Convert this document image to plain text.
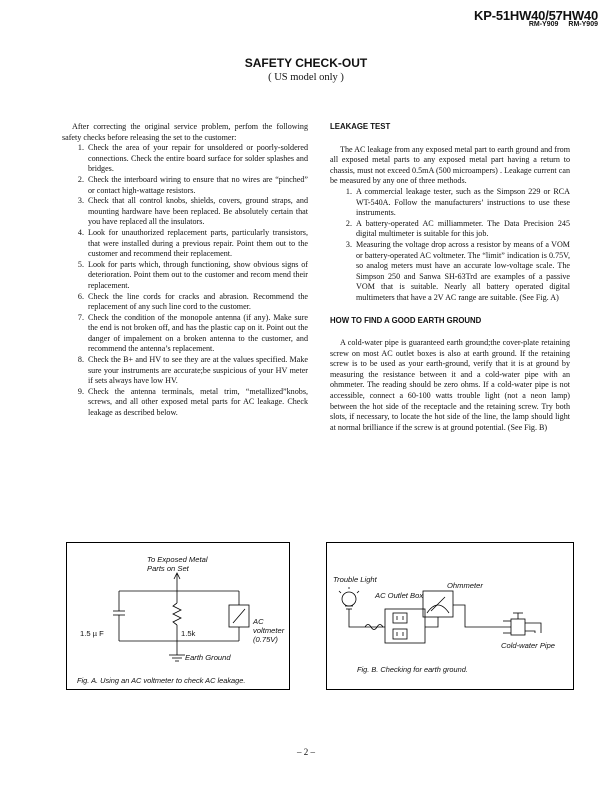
KP-51HW40/57HW40
RM-Y909 RM-Y909
SAFETY CHECK-OUT
( US model only )

After correcting the original service problem, perfom the following safety checks before releasing the set to the customer:

1. Check the area of your repair for unsoldered or poorly-soldered connections. Check the entire board surface for solder splashes and bridges.
2. Check the interboard wiring to ensure that no wires are “pinched” or contact high-wattage resistors.
3. Check that all control knobs, shields, covers, ground straps, and mounting hardware have been replaced. Be absolutely certain that you have replaced all the insulators.
4. Look for unauthorized replacement parts, particularly transistors, that were installed during a previous repair. Point them out to the customer and recommend their replacement.
5. Look for parts which, through functioning, show obvious signs of deterioration. Point them out to the customer and recom mend their replacement.
6. Check the line cords for cracks and abrasion. Recommend the replacement of any such line cord to the customer.
7. Check the condition of the monopole antenna (if any). Make sure the end is not broken off, and has the plastic cap on it. Point out the danger of impalement on a broken antenna to the customer, and recommend the antenna’s replacement.
8. Check the B+ and HV to see they are at the values specified. Make sure your instruments are accurate;be suspicious of your HV meter if sets always have low HV.
9. Check the antenna terminals, metal trim, “metallized”knobs, screws, and all other exposed metal parts for AC leakage. Check leakage as described below.
LEAKAGE TEST

The AC leakage from any exposed metal part to earth ground and from all exposed metal parts to any exposed metal part having a return to chassis, must not exceed 0.5mA (500 microampers) . Leakage current can be measured by any one of three methods.

1. A commercial leakage tester, such as the Simpson 229 or RCA WT-540A. Follow the manufacturers’ instructions to use these instruments.
2. A battery-operated AC milliammeter. The Data Precision 245 digital multimeter is suitable for this job.
3. Measuring the voltage drop across a resistor by means of a VOM or battery-operated AC voltmeter. The “limit” indication is 0.75V, so analog meters must have an accurate low-voltage scale. The Simpson 250 and Sanwa SH-63Trd are examples of a passive VOM that is suitable. Nearly all battery operated digital multimeters that have a 2V AC range are suitable. (See Fig. A)
HOW TO FIND A GOOD EARTH GROUND

A cold-water pipe is guaranteed earth ground;the cover-plate retaining screw on most AC outlet boxes is also at earth ground. If the retaining screw is to be used as your earth-ground, verify that it is at ground by measuring the resistance between it and a cold-water pipe with an ohmmeter. The reading should be zero ohms. If a cold-water pipe is not accessible, connect a 60-100 watts trouble light (not a neon lamp) between the hot side of the receptacle and the retaining screw. Try both slots, if necessary, to locate the hot side of the line, the lamp should light at normal brilliance if the screw is at ground potential. (See Fig. B)

To Exposed Metal
Parts on Set
1.5 µ F	1.5k
AC
voltmeter
(0.75V)
Earth Ground
Fig. A. Using an AC voltmeter to check AC leakage.
Trouble Light
AC Outlet Box
Ohmmeter
Cold-water Pipe
Fig. B. Checking for earth ground.
– 2 –
